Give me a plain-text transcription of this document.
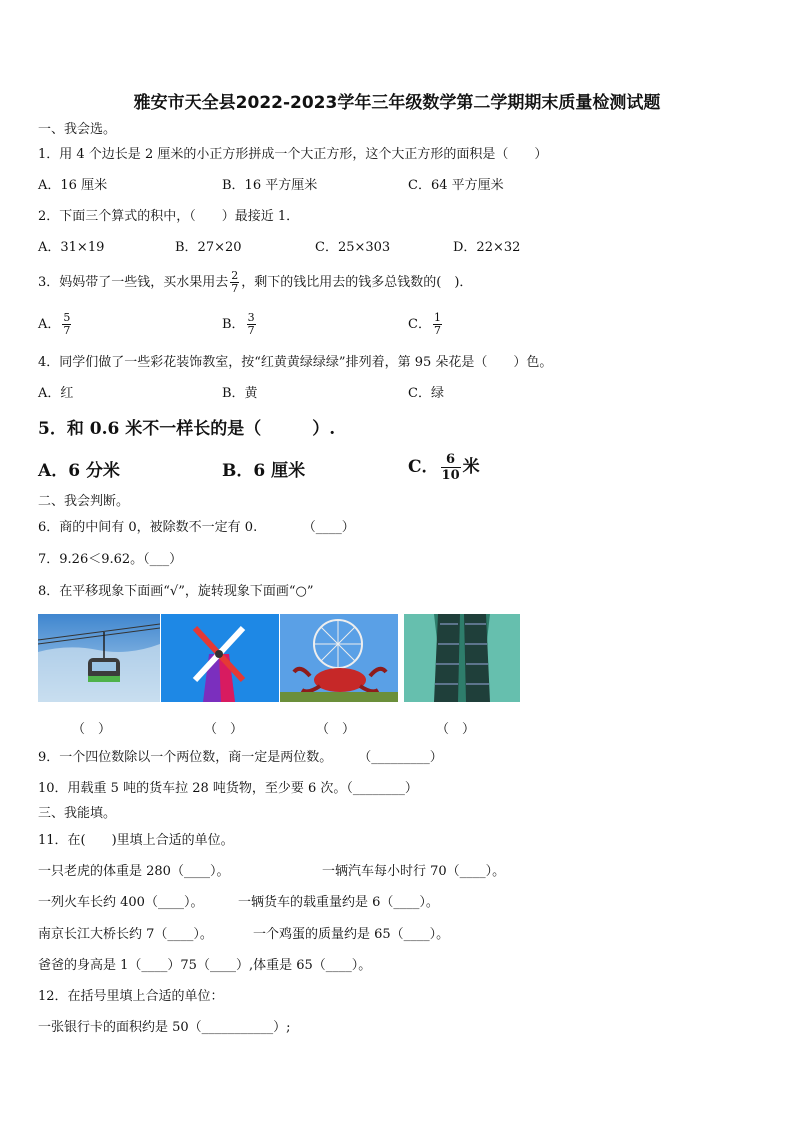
雅安市天全县2022-2023学年三年级数学第二学期期末质量检测试题
一、我会选。
1．用 4 个边长是 2 厘米的小正方形拼成一个大正方形，这个大正方形的面积是（　　）
A．16 厘米	B．16 平方厘米	C．64 平方厘米
2．下面三个算式的积中，（　　）最接近 1．
A．31×19	B．27×20	C．25×303	D．22×32
3．妈妈带了一些钱，买水果用去 $\frac{2}{7}$ ，剩下的钱比用去的钱多总钱数的(　)．
A． $\frac{5}{7}$	B． $\frac{3}{7}$	C． $\frac{1}{7}$
4．同学们做了一些彩花装饰教室，按“红黄黄绿绿绿”排列着，第 95 朵花是（　　）色。
A．红	B．黄	C．绿
5．和 0.6 米不一样长的是（　　　）.
A．6 分米	B．6 厘米	C． $\frac{6}{10}$ 米
二、我会判断。
6．商的中间有 0，被除数不一定有 0.　　　　（____）
7．9.26＜9.62。（___）
8．在平移现象下面画“√”，旋转现象下面画“○”
（　）	（　）	（　）	（　）
9．一个四位数除以一个两位数，商一定是两位数。　　　（_________）
10．用载重 5 吨的货车拉 28 吨货物，至少要 6 次。（________）
三、我能填。
11．在(　　)里填上合适的单位。
一只老虎的体重是 280（____）。	一辆汽车每小时行 70（____）。
一列火车长约 400（____）。	一辆货车的载重量约是 6（____）。
南京长江大桥长约 7（____）。	一个鸡蛋的质量约是 65（____）。
爸爸的身高是 1（____）75（____）,体重是 65（____）。
12．在括号里填上合适的单位：
一张银行卡的面积约是 50（___________）;
